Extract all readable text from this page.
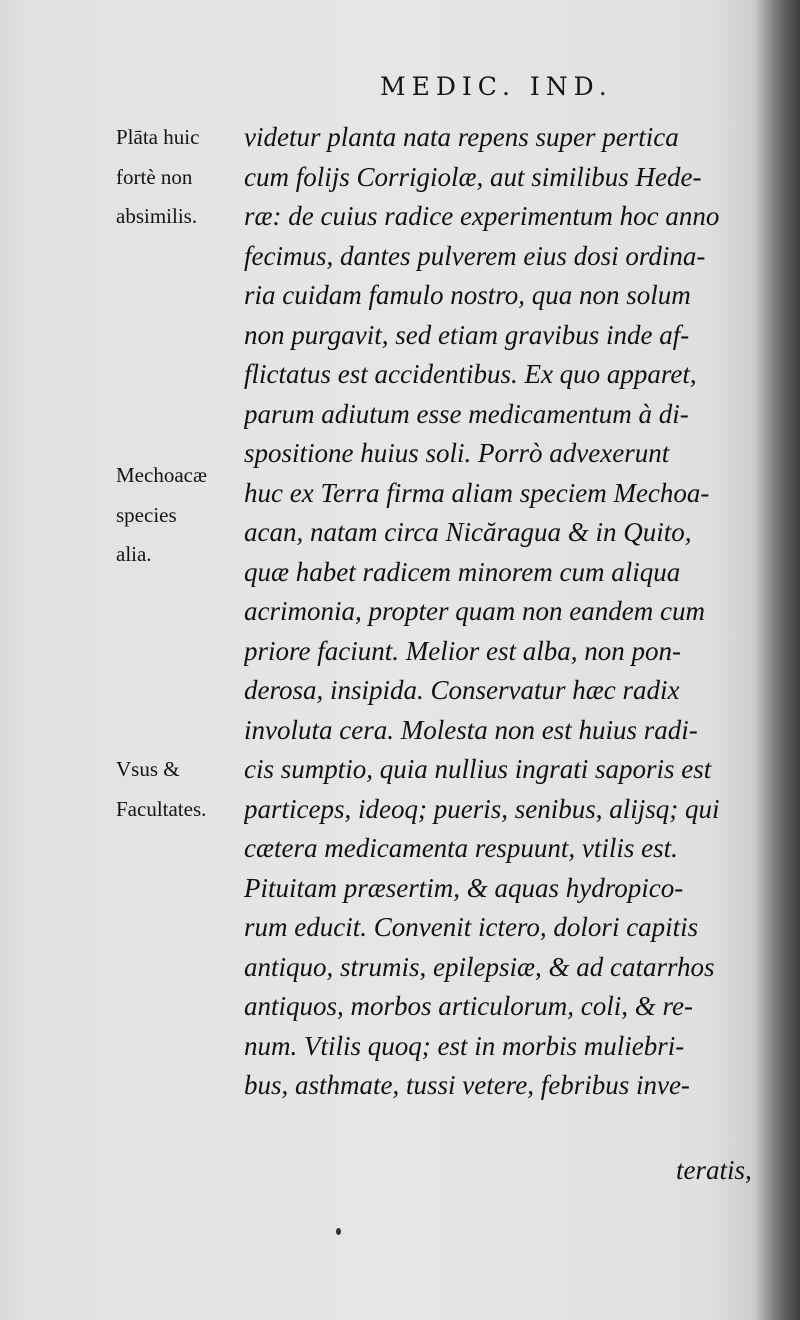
MEDIC. IND.
Plāta huic
fortè non
absimilis.
Mechoacæ
species
alia.
Vsus &
Facultates.
videtur planta nata repens super pertica
cum folijs Corrigiolæ, aut similibus Hede-
ræ: de cuius radice experimentum hoc anno
fecimus, dantes pulverem eius dosi ordina-
ria cuidam famulo nostro, qua non solum
non purgavit, sed etiam gravibus inde af-
flictatus est accidentibus. Ex quo apparet,
parum adiutum esse medicamentum à di-
spositione huius soli. Porrò advexerunt
huc ex Terra firma aliam speciem Mechoa-
acan, natam circa Nicăragua & in Quito,
quæ habet radicem minorem cum aliqua
acrimonia, propter quam non eandem cum
priore faciunt. Melior est alba, non pon-
derosa, insipida. Conservatur hæc radix
involuta cera. Molesta non est huius radi-
cis sumptio, quia nullius ingrati saporis est
particeps, ideoq; pueris, senibus, alijsq; qui
cætera medicamenta respuunt, vtilis est.
Pituitam præsertim, & aquas hydropico-
rum educit. Convenit ictero, dolori capitis
antiquo, strumis, epilepsiæ, & ad catarrhos
antiquos, morbos articulorum, coli, & re-
num. Vtilis quoq; est in morbis muliebri-
bus, asthmate, tussi vetere, febribus inve-
teratis,
